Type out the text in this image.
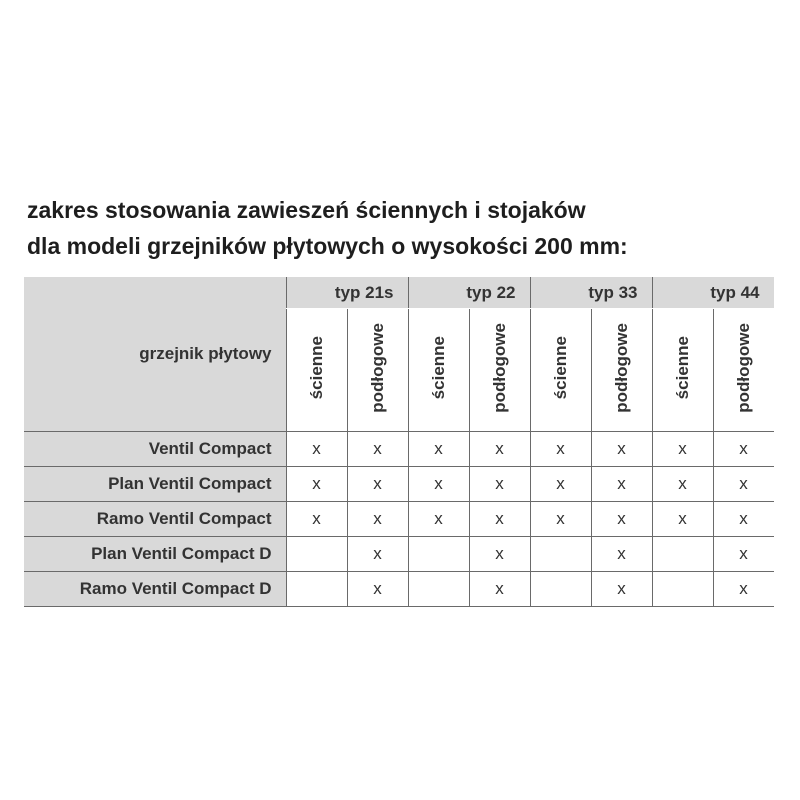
zakres stosowania zawieszeń ściennych i stojaków
dla modeli grzejników płytowych o wysokości 200 mm:
grzejnik płytowy	typ 21s		typ 22		typ 33		typ 44	
	ścienne	podłogowe	ścienne	podłogowe	ścienne	podłogowe	ścienne	podłogowe
Ventil Compact	x	x	x	x	x	x	x	x
Plan Ventil Compact	x	x	x	x	x	x	x	x
Ramo Ventil Compact	x	x	x	x	x	x	x	x
Plan Ventil Compact D		x		x		x		x
Ramo Ventil Compact D		x		x		x		x
